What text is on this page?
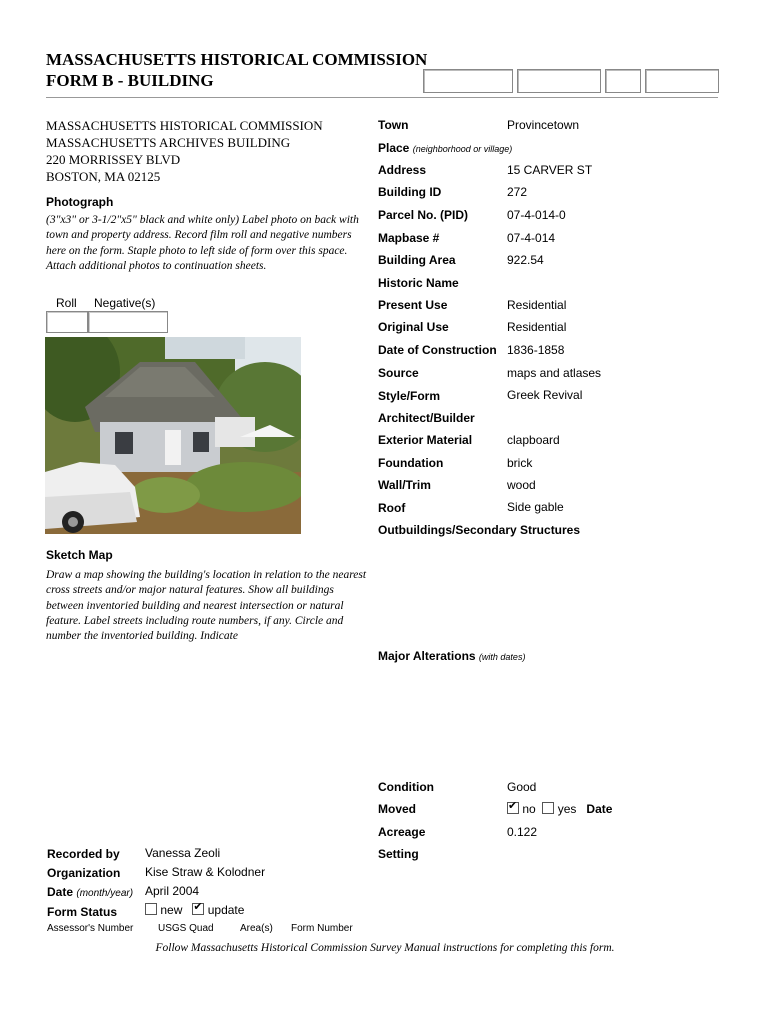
MASSACHUSETTS HISTORICAL COMMISSION
FORM B - BUILDING
MASSACHUSETTS HISTORICAL COMMISSION
MASSACHUSETTS ARCHIVES BUILDING
220 MORRISSEY BLVD
BOSTON, MA 02125
Photograph
(3"x3" or 3-1/2"x5" black and white only) Label photo on back with town and property address. Record film roll and negative numbers here on the form. Staple photo to left side of form over this space. Attach additional photos to continuation sheets.
Roll Negative(s)
Town	Provincetown
Place (neighborhood or village)
Address	15 CARVER ST
Building ID	272
Parcel No. (PID)	07-4-014-0
Mapbase #	07-4-014
Building Area	922.54
Historic Name
Present Use	Residential
Original Use	Residential
Date of Construction 1836-1858
Source	maps and atlases
Style/Form	Greek Revival
Architect/Builder
Exterior Material	clapboard
Foundation	brick
Wall/Trim	wood
Roof	Side gable
Outbuildings/Secondary Structures
Major Alterations (with dates)
Condition	Good
Moved ✔	no yes Date
Acreage	0.122
Setting
Sketch Map
Draw a map showing the building's location in relation to the nearest cross streets and/or major natural features. Show all buildings between inventoried building and nearest intersection or natural feature. Label streets including route numbers, if any. Circle and number the inventoried building. Indicate
Recorded by Vanessa Zeoli
Organization Kise Straw & Kolodner
Date (month/year) April 2004
Form Status	new ✔ update
Assessor's Number USGS Quad	Area(s) Form Number
Follow Massachusetts Historical Commission Survey Manual instructions for completing this form.
